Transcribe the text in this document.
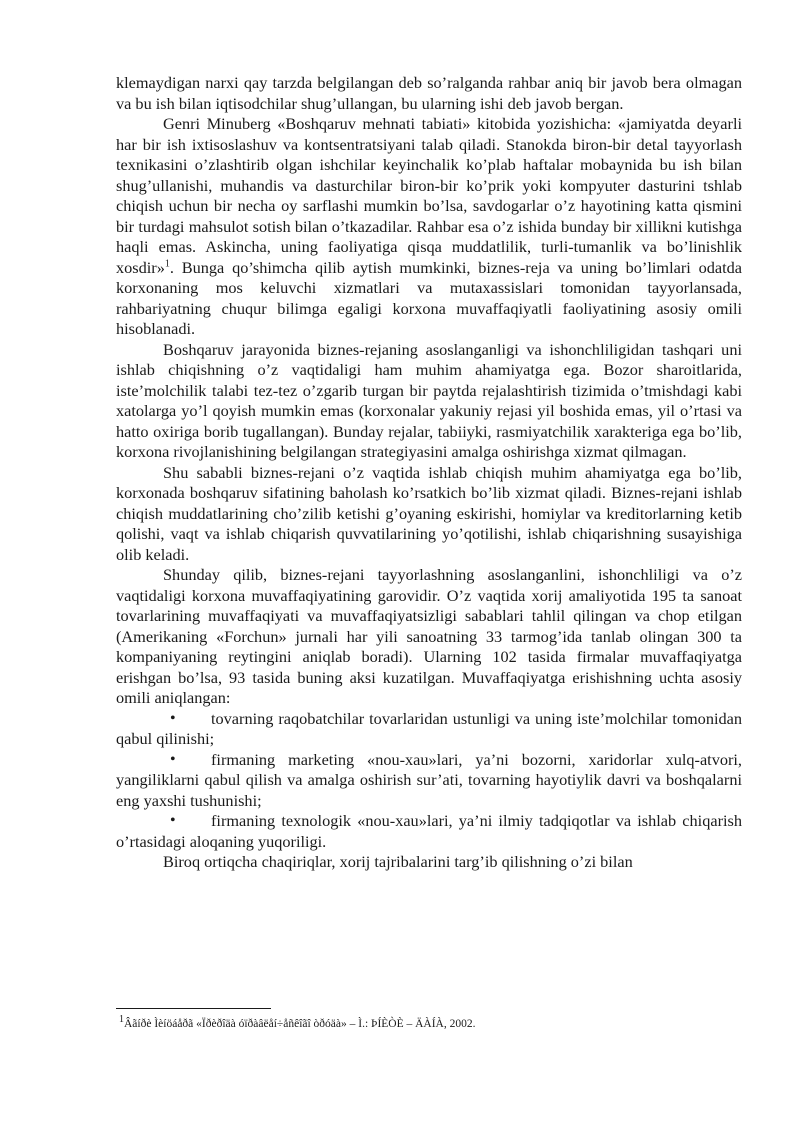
klemaydigan narxi qay tarzda belgilangan deb so’ralganda rahbar aniq bir javob bera olmagan va bu ish bilan iqtisodchilar shug’ullangan, bu ularning ishi deb javob bergan.

Genri Minuberg «Boshqaruv mehnati tabiati» kitobida yozishicha: «jamiyatda deyarli har bir ish ixtisoslashuv va kontsentratsiyani talab qiladi. Stanokda biron-bir detal tayyorlash texnikasini o’zlashtirib olgan ishchilar keyinchalik ko’plab haftalar mobaynida bu ish bilan shug’ullanishi, muhandis va dasturchilar biron-bir ko’prik yoki kompyuter dasturini tshlab chiqish uchun bir necha oy sarflashi mumkin bo’lsa, savdogarlar o’z hayotining katta qismini bir turdagi mahsulot sotish bilan o’tkazadilar. Rahbar esa o’z ishida bunday bir xillikni kutishga haqli emas. Askincha, uning faoliyatiga qisqa muddatlilik, turli-tumanlik va bo’linishlik xosdir»$^1$. Bunga qo’shimcha qilib aytish mumkinki, biznes-reja va uning bo’limlari odatda korxonaning mos keluvchi xizmatlari va mutaxassislari tomonidan tayyorlansada, rahbariyatning chuqur bilimga egaligi korxona muvaffaqiyatli faoliyatining asosiy omili hisoblanadi.

Boshqaruv jarayonida biznes-rejaning asoslanganligi va ishonchliligidan tashqari uni ishlab chiqishning o’z vaqtidaligi ham muhim ahamiyatga ega. Bozor sharoitlarida, iste’molchilik talabi tez-tez o’zgarib turgan bir paytda rejalashtirish tizimida o’tmishdagi kabi xatolarga yo’l qoyish mumkin emas (korxonalar yakuniy rejasi yil boshida emas, yil o’rtasi va hatto oxiriga borib tugallangan). Bunday rejalar, tabiiyki, rasmiyatchilik xarakteriga ega bo’lib, korxona rivojlanishining belgilangan strategiyasini amalga oshirishga xizmat qilmagan.

Shu sababli biznes-rejani o’z vaqtida ishlab chiqish muhim ahamiyatga ega bo’lib, korxonada boshqaruv sifatining baholash ko’rsatkich bo’lib xizmat qiladi. Biznes-rejani ishlab chiqish muddatlarining cho’zilib ketishi g’oyaning eskirishi, homiylar va kreditorlarning ketib qolishi, vaqt va ishlab chiqarish quvvatilarining yo’qotilishi, ishlab chiqarishning susayishiga olib keladi.

Shunday qilib, biznes-rejani tayyorlashning asoslanganlini, ishonchliligi va o’z vaqtidaligi korxona muvaffaqiyatining garovidir. O’z vaqtida xorij amaliyotida 195 ta sanoat tovarlarining muvaffaqiyati va muvaffaqiyatsizligi sabablari tahlil qilingan va chop etilgan (Amerikaning «Forchun» jurnali har yili sanoatning 33 tarmog’ida tanlab olingan 300 ta kompaniyaning reytingini aniqlab boradi). Ularning 102 tasida firmalar muvaffaqiyatga erishgan bo’lsa, 93 tasida buning aksi kuzatilgan. Muvaffaqiyatga erishishning uchta asosiy omili aniqlangan:

• tovarning raqobatchilar tovarlaridan ustunligi va uning iste’molchilar tomonidan qabul qilinishi;

• firmaning marketing «nou-xau»lari, ya’ni bozorni, xaridorlar xulq-atvori, yangiliklarni qabul qilish va amalga oshirish sur’ati, tovarning hayotiylik davri va boshqalarni eng yaxshi tushunishi;

• firmaning texnologik «nou-xau»lari, ya’ni ilmiy tadqiqotlar va ishlab chiqarish o’rtasidagi aloqaning yuqoriligi.

Biroq ortiqcha chaqiriqlar, xorij tajribalarini targ’ib qilishning o’zi bilan

1Âãíðè Ìèíöáåðã «Ïðèðîäà óïðàâëåí÷åñêîãî òðóäà» – Ì.: ÞÍÈÒÈ – ÄÀÍÀ, 2002.
